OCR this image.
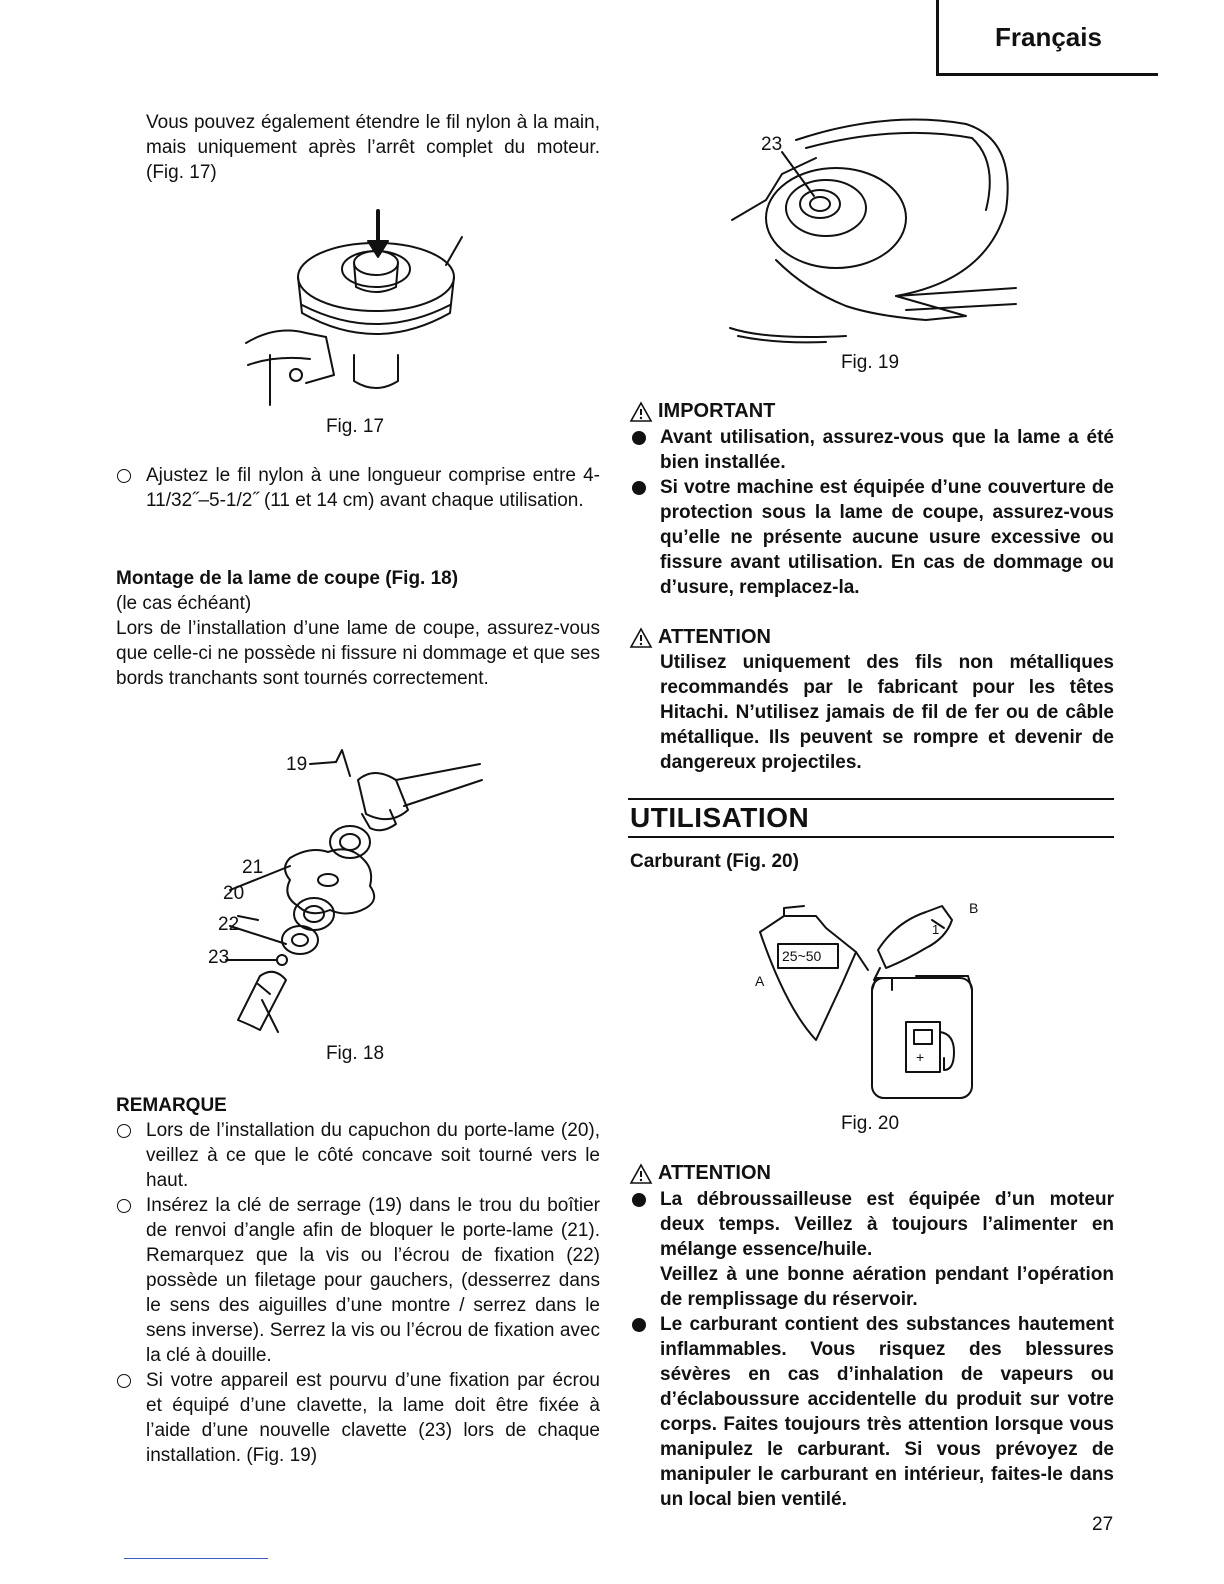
Français
Vous pouvez également étendre le fil nylon à la main, mais uniquement après l’arrêt complet du moteur. (Fig. 17)
Fig. 17
Ajustez le fil nylon à une longueur comprise entre 4-11/32˝–5-1/2˝ (11 et 14 cm) avant chaque utilisation.
Montage de la lame de coupe (Fig. 18)
(le cas échéant)
Lors de l’installation d’une lame de coupe, assurez-vous que celle-ci ne possède ni fissure ni dommage et que ses bords tranchants sont tournés correctement.
19
21
20
22
23
Fig. 18
REMARQUE
Lors de l’installation du capuchon du porte-lame (20), veillez à ce que le côté concave soit tourné vers le haut.
Insérez la clé de serrage (19) dans le trou du boîtier de renvoi d’angle afin de bloquer le porte-lame (21). Remarquez que la vis ou l’écrou de fixation (22) possède un filetage pour gauchers, (desserrez dans le sens des aiguilles d’une montre / serrez dans le sens inverse). Serrez la vis ou l’écrou de fixation avec la clé à douille.
Si votre appareil est pourvu d’une fixation par écrou et équipé d’une clavette, la lame doit être fixée à l’aide d’une nouvelle clavette (23) lors de chaque installation. (Fig. 19)
23
Fig. 19
IMPORTANT
Avant utilisation, assurez-vous que la lame a été bien installée.
Si votre machine est équipée d’une couverture de protection sous la lame de coupe, assurez-vous qu’elle ne présente aucune usure excessive ou fissure avant utilisation. En cas de dommage ou d’usure, remplacez-la.
ATTENTION
Utilisez uniquement des fils non métalliques recommandés par le fabricant pour les têtes Hitachi. N’utilisez jamais de fil de fer ou de câble métallique. Ils peuvent se rompre et devenir de dangereux projectiles.
UTILISATION
Carburant (Fig. 20)
+
25~50
A
B
1
Fig. 20
ATTENTION
La débroussailleuse est équipée d’un moteur deux temps. Veillez à toujours l’alimenter en mélange essence/huile.
Veillez à une bonne aération pendant l’opération de remplissage du réservoir.
Le carburant contient des substances hautement inflammables. Vous risquez des blessures sévères en cas d’inhalation de vapeurs ou d’éclaboussure accidentelle du produit sur votre corps. Faites toujours très attention lorsque vous manipulez le carburant. Si vous prévoyez de manipuler le carburant en intérieur, faites-le dans un local bien ventilé.
27
